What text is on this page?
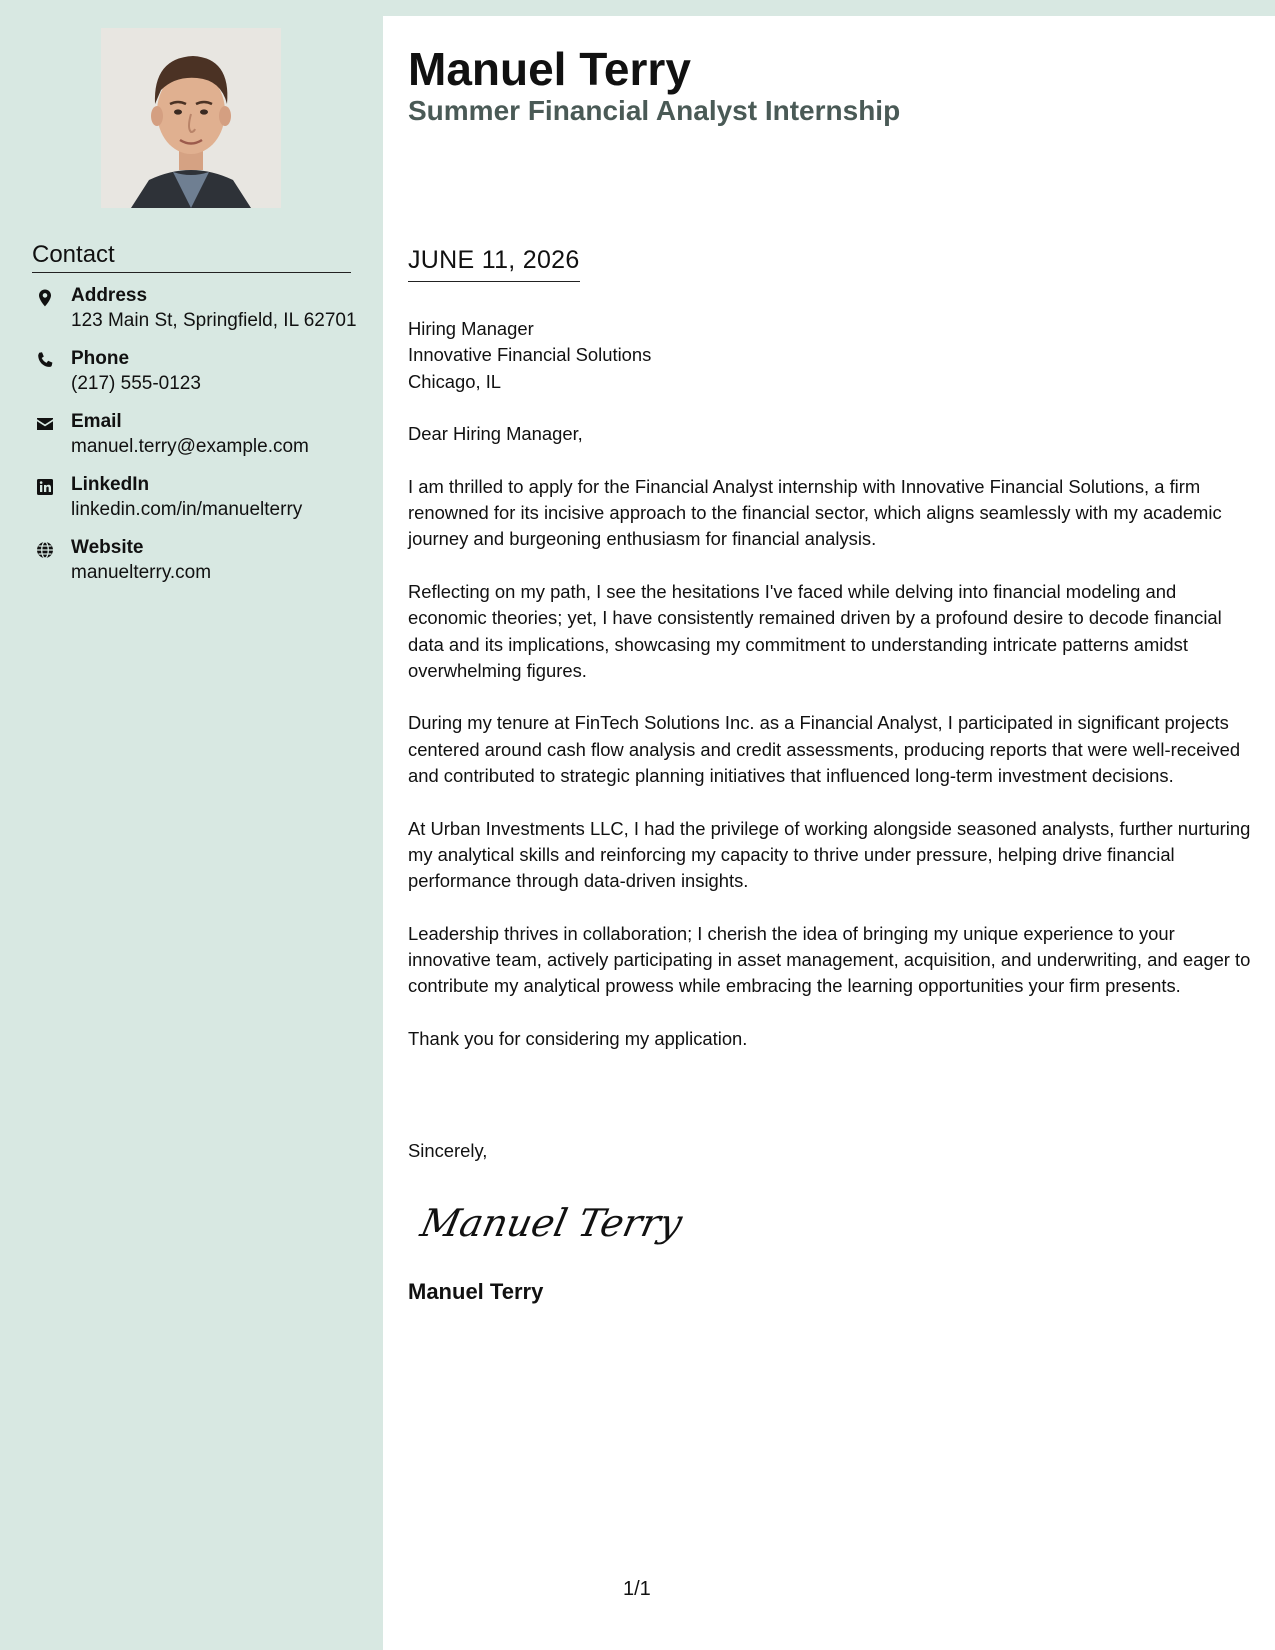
Contact
Address
123 Main St, Springfield, IL 62701
Phone
(217) 555-0123
Email
manuel.terry@example.com
LinkedIn
linkedin.com/in/manuelterry
Website
manuelterry.com
Manuel Terry
Summer Financial Analyst Internship
JUNE 11, 2026
Hiring Manager
Innovative Financial Solutions
Chicago, IL

Dear Hiring Manager,

I am thrilled to apply for the Financial Analyst internship with Innovative Financial Solutions, a firm renowned for its incisive approach to the financial sector, which aligns seamlessly with my academic journey and burgeoning enthusiasm for financial analysis.

Reflecting on my path, I see the hesitations I've faced while delving into financial modeling and economic theories; yet, I have consistently remained driven by a profound desire to decode financial data and its implications, showcasing my commitment to understanding intricate patterns amidst overwhelming figures.

During my tenure at FinTech Solutions Inc. as a Financial Analyst, I participated in significant projects centered around cash flow analysis and credit assessments, producing reports that were well-received and contributed to strategic planning initiatives that influenced long-term investment decisions.

At Urban Investments LLC, I had the privilege of working alongside seasoned analysts, further nurturing my analytical skills and reinforcing my capacity to thrive under pressure, helping drive financial performance through data-driven insights.

Leadership thrives in collaboration; I cherish the idea of bringing my unique experience to your innovative team, actively participating in asset management, acquisition, and underwriting, and eager to contribute my analytical prowess while embracing the learning opportunities your firm presents.

Thank you for considering my application.

Sincerely,
Manuel Terry
Manuel Terry
1/1
